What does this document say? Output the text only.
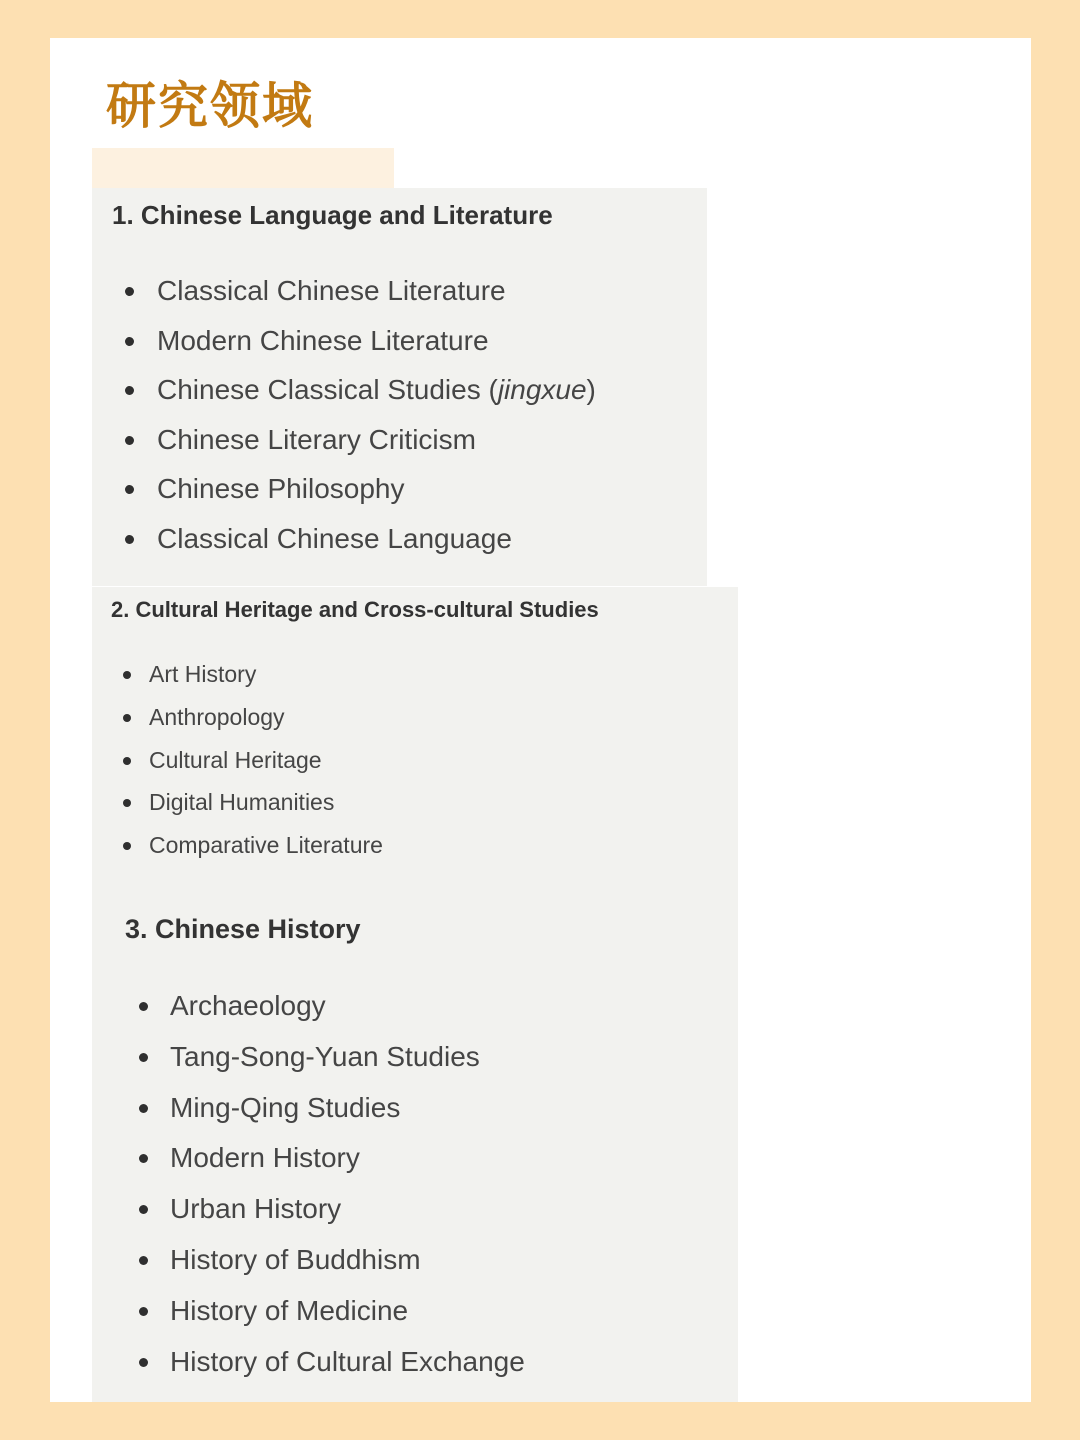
研究领域
1. Chinese Language and Literature
Classical Chinese Literature
Modern Chinese Literature
Chinese Classical Studies (jingxue)
Chinese Literary Criticism
Chinese Philosophy
Classical Chinese Language
2. Cultural Heritage and Cross-cultural Studies
Art History
Anthropology
Cultural Heritage
Digital Humanities
Comparative Literature
3. Chinese History
Archaeology
Tang-Song-Yuan Studies
Ming-Qing Studies
Modern History
Urban History
History of Buddhism
History of Medicine
History of Cultural Exchange
